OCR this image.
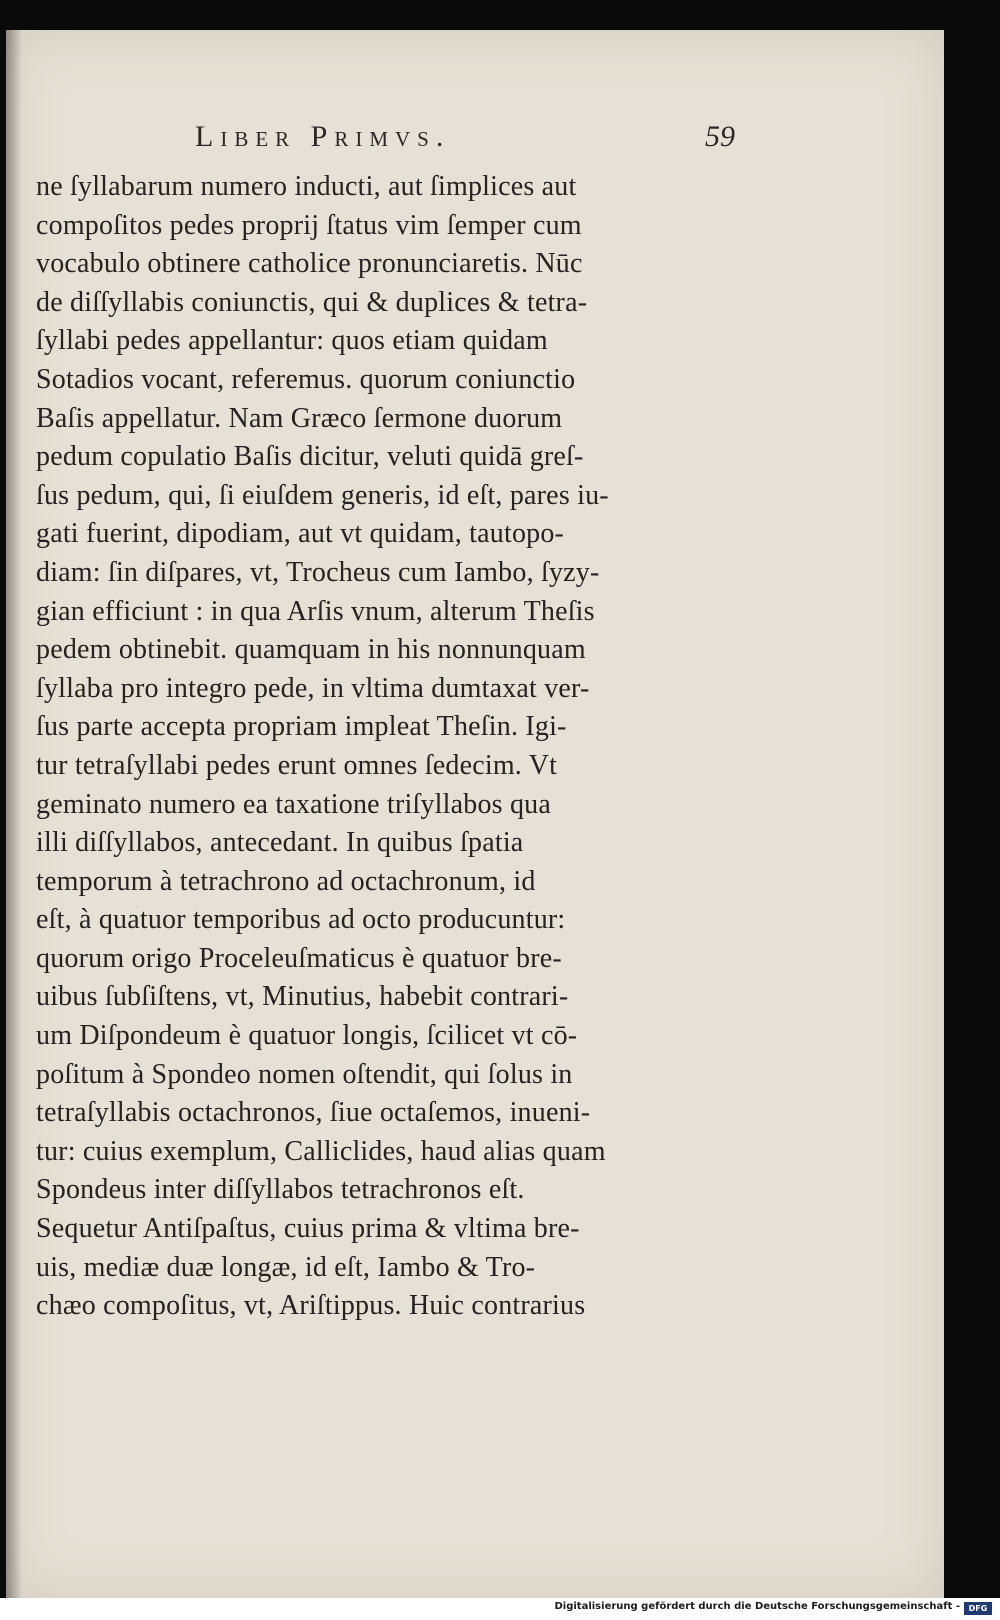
Liber Primvs.	59
ne ſyllabarum numero inducti, aut ſimplices aut
compoſitos pedes proprij ſtatus vim ſemper cum
vocabulo obtinere catholice pronunciaretis. Nūc
de diſſyllabis coniunctis, qui & duplices & tetra-
ſyllabi pedes appellantur: quos etiam quidam
Sotadios vocant, referemus. quorum coniunctio
Baſis appellatur. Nam Græco ſermone duorum
pedum copulatio Baſis dicitur, veluti quidā greſ-
ſus pedum, qui, ſi eiuſdem generis, id eſt, pares iu-
gati fuerint, dipodiam, aut vt quidam, tautopo-
diam: ſin diſpares, vt, Trocheus cum Iambo, ſyzy-
gian efficiunt : in qua Arſis vnum, alterum Theſis
pedem obtinebit. quamquam in his nonnunquam
ſyllaba pro integro pede, in vltima dumtaxat ver-
ſus parte accepta propriam impleat Theſin. Igi-
tur tetraſyllabi pedes erunt omnes ſedecim. Vt
geminato numero ea taxatione triſyllabos qua
illi diſſyllabos, antecedant. In quibus ſpatia
temporum à tetrachrono ad octachronum, id
eſt, à quatuor temporibus ad octo producuntur:
quorum origo Proceleuſmaticus è quatuor bre-
uibus ſubſiſtens, vt, Minutius, habebit contrari-
um Diſpondeum è quatuor longis, ſcilicet vt cō-
poſitum à Spondeo nomen oſtendit, qui ſolus in
tetraſyllabis octachronos, ſiue octaſemos, inueni-
tur: cuius exemplum, Calliclides, haud alias quam
Spondeus inter diſſyllabos tetrachronos eſt.
Sequetur Antiſpaſtus, cuius prima & vltima bre-
uis, mediæ duæ longæ, id eſt, Iambo & Tro-
chæo compoſitus, vt, Ariſtippus. Huic contrarius
Digitalisierung gefördert durch die Deutsche Forschungsgemeinschaft -	DFG
